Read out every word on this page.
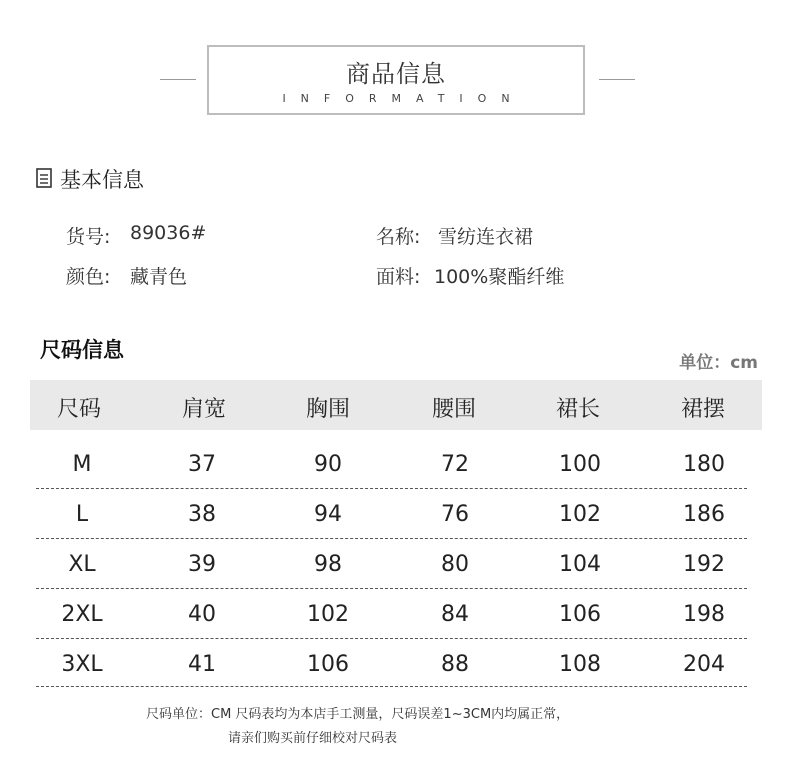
商品信息
INFORMATION
基本信息
货号: 89036#	名称: 雪纺连衣裙
颜色: 藏青色	面料: 100%聚酯纤维
尺码信息
单位：cm
尺码	肩宽	胸围	腰围	裙长	裙摆
M	37	90	72	100	180
L	38	94	76	102	186
XL	39	98	80	104	192
2XL	40	102	84	106	198
3XL	41	106	88	108	204
尺码单位：CM 尺码表均为本店手工测量，尺码误差1~3CM内均属正常，
请亲们购买前仔细校对尺码表
